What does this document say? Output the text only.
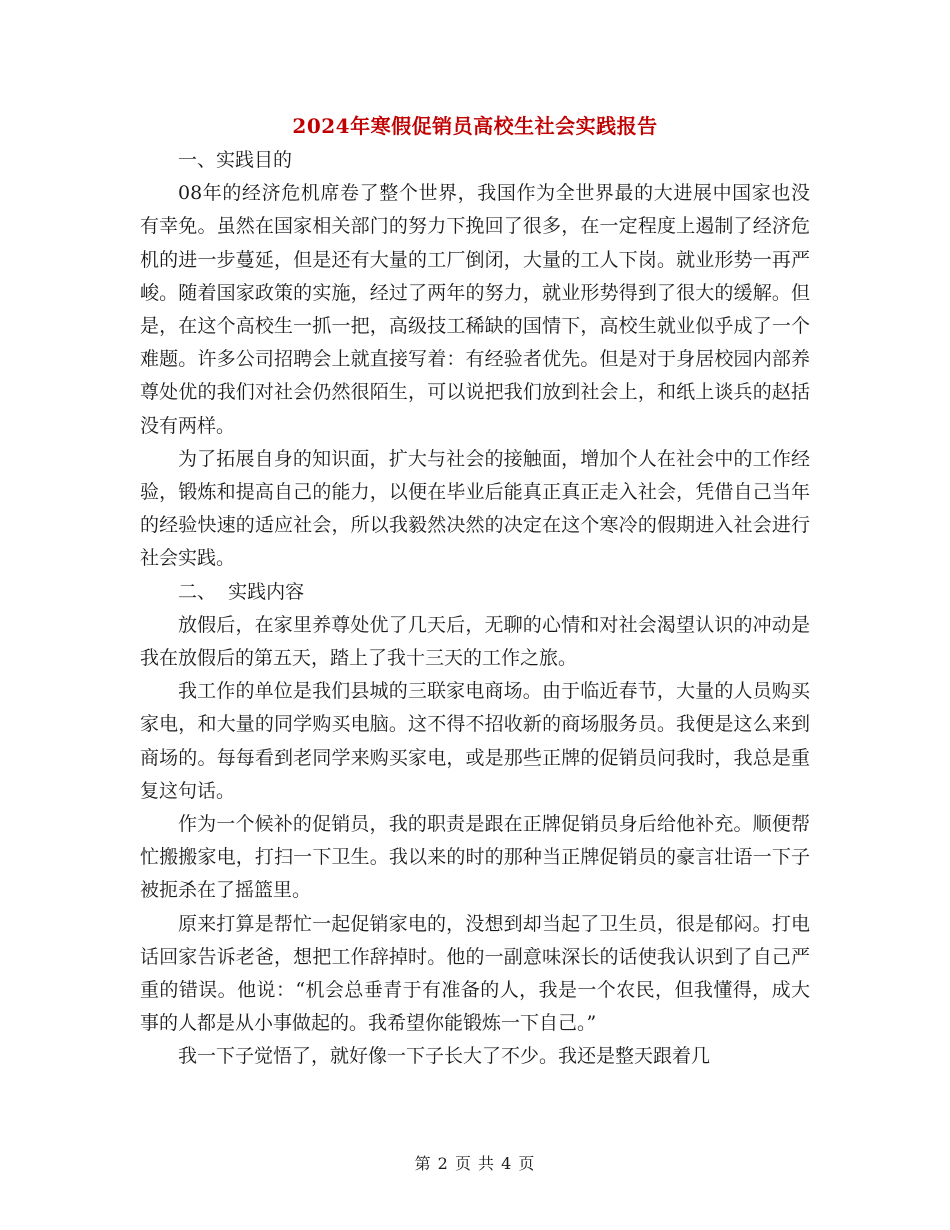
2024年寒假促销员高校生社会实践报告

一、实践目的

08年的经济危机席卷了整个世界，我国作为全世界最的大进展中国家也没有幸免。虽然在国家相关部门的努力下挽回了很多，在一定程度上遏制了经济危机的进一步蔓延，但是还有大量的工厂倒闭，大量的工人下岗。就业形势一再严峻。随着国家政策的实施，经过了两年的努力，就业形势得到了很大的缓解。但是，在这个高校生一抓一把，高级技工稀缺的国情下，高校生就业似乎成了一个难题。许多公司招聘会上就直接写着：有经验者优先。但是对于身居校园内部养尊处优的我们对社会仍然很陌生，可以说把我们放到社会上，和纸上谈兵的赵括没有两样。

为了拓展自身的知识面，扩大与社会的接触面，增加个人在社会中的工作经验，锻炼和提高自己的能力，以便在毕业后能真正真正走入社会，凭借自己当年的经验快速的适应社会，所以我毅然决然的决定在这个寒冷的假期进入社会进行社会实践。

二、  实践内容

放假后，在家里养尊处优了几天后，无聊的心情和对社会渴望认识的冲动是我在放假后的第五天，踏上了我十三天的工作之旅。

我工作的单位是我们县城的三联家电商场。由于临近春节，大量的人员购买家电，和大量的同学购买电脑。这不得不招收新的商场服务员。我便是这么来到商场的。每每看到老同学来购买家电，或是那些正牌的促销员问我时，我总是重复这句话。

作为一个候补的促销员，我的职责是跟在正牌促销员身后给他补充。顺便帮忙搬搬家电，打扫一下卫生。我以来的时的那种当正牌促销员的豪言壮语一下子被扼杀在了摇篮里。

原来打算是帮忙一起促销家电的，没想到却当起了卫生员，很是郁闷。打电话回家告诉老爸，想把工作辞掉时。他的一副意味深长的话使我认识到了自己严重的错误。他说：“机会总垂青于有准备的人，我是一个农民，但我懂得，成大事的人都是从小事做起的。我希望你能锻炼一下自己。”

我一下子觉悟了，就好像一下子长大了不少。我还是整天跟着几

第 2 页 共 4 页
